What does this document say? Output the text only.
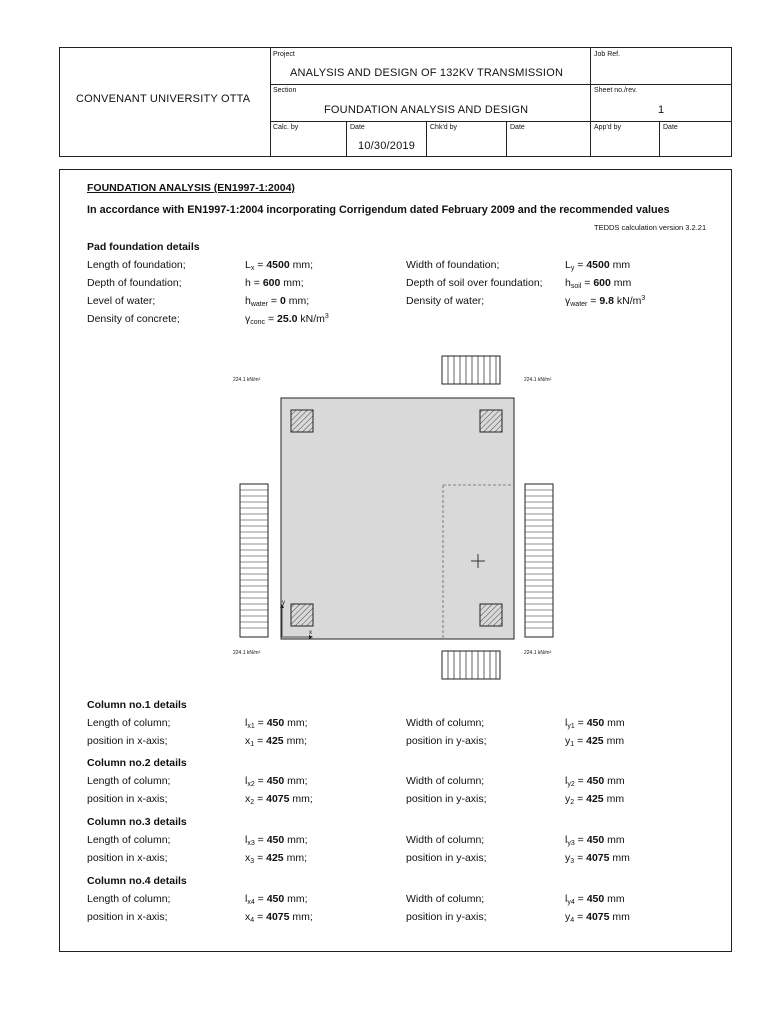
CONVENANT UNIVERSITY OTTA
Project
ANALYSIS AND DESIGN OF 132KV TRANSMISSION
Job Ref.
Section
FOUNDATION ANALYSIS AND DESIGN
Sheet no./rev.
1
Calc. by	Date
10/30/2019
Chk'd by	Date	App'd by	Date
FOUNDATION ANALYSIS (EN1997-1:2004)
In accordance with EN1997-1:2004 incorporating Corrigendum dated February 2009 and the recommended values
TEDDS calculation version 3.2.21
Pad foundation details
Length of foundation;	$L_x = 4500$ mm;	Width of foundation;	$L_y = 4500$ mm
Depth of foundation;	h = 600 mm;	Depth of soil over foundation; $h_{soil} = 600$ mm
Level of water;	$h_{water} = 0$ mm;	Density of water;	$\gamma_{water} = 9.8$ $kN/m^3$
Density of concrete;	$\gamma_{conc} = 25.0$ $kN/m^3$
224.1 kN/m²	224.1 kN/m²
224.1 kN/m²	224.1 kN/m²
x
y
Column no.1 details
Length of column;	$l_{x1} = 450$ mm;	Width of column;	$l_{y1} = 450$ mm
position in x-axis;	$x_1 = 425$ mm;	position in y-axis;	$y_1 = 425$ mm
Column no.2 details
Length of column;	$l_{x2} = 450$ mm;	Width of column;	$l_{y2} = 450$ mm
position in x-axis;	$x_2 = 4075$ mm;	position in y-axis;	$y_2 = 425$ mm
Column no.3 details
Length of column;	$l_{x3} = 450$ mm;	Width of column;	$l_{y3} = 450$ mm
position in x-axis;	$x_3 = 425$ mm;	position in y-axis;	$y_3 = 4075$ mm
Column no.4 details
Length of column;	$l_{x4} = 450$ mm;	Width of column;	$l_{y4} = 450$ mm
position in x-axis;	$x_4 = 4075$ mm;	position in y-axis;	$y_4 = 4075$ mm
